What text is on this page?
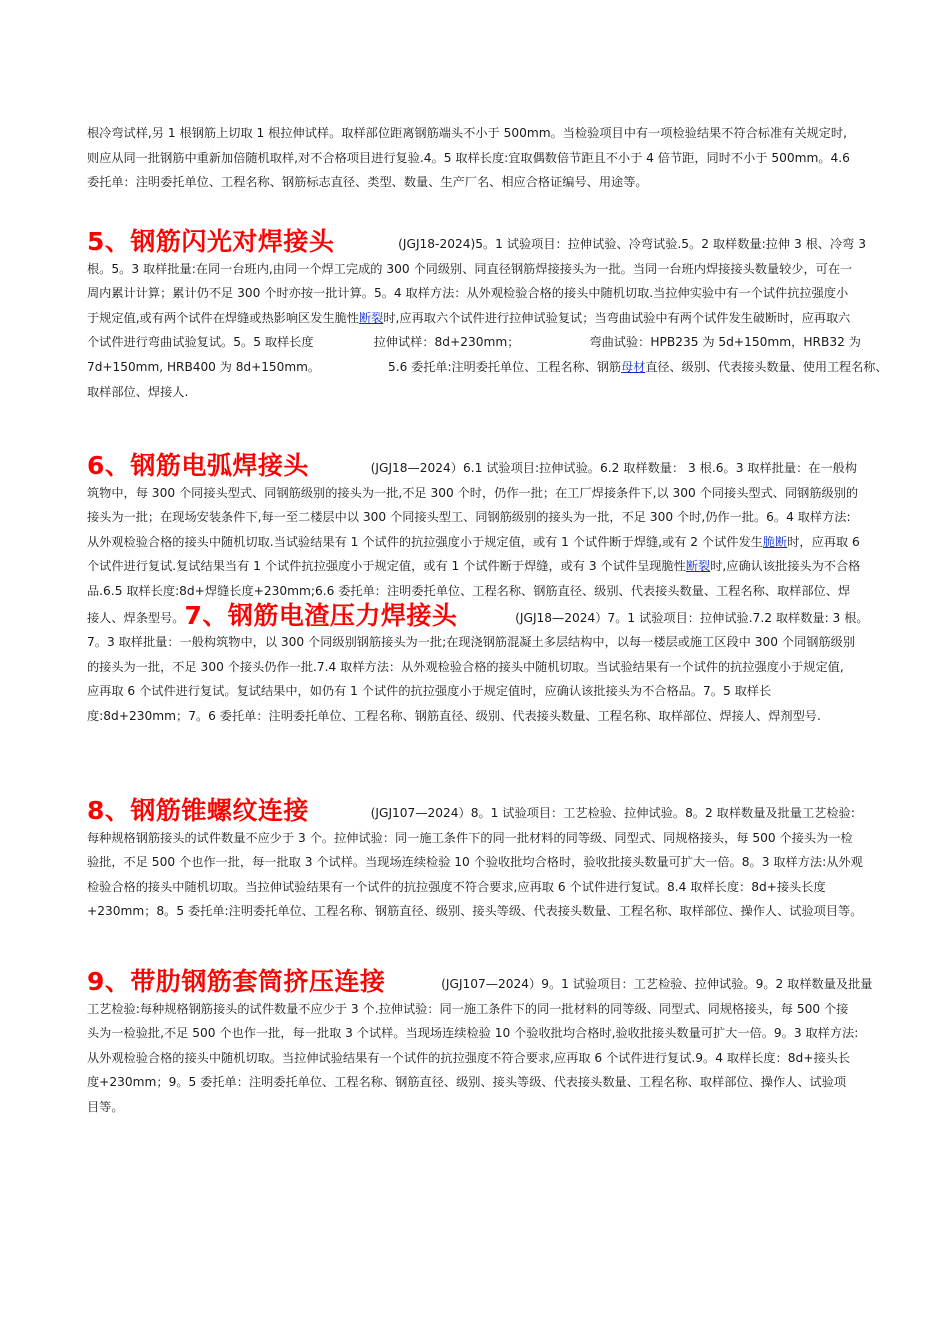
根冷弯试样,另 1 根钢筋上切取 1 根拉伸试样。取样部位距离钢筋端头不小于 500mm。当检验项目中有一项检验结果不符合标准有关规定时,
则应从同一批钢筋中重新加倍随机取样,对不合格项目进行复验.4。5 取样长度:宜取偶数倍节距且不小于 4 倍节距，同时不小于 500mm。4.6
委托单：注明委托单位、工程名称、钢筋标志直径、类型、数量、生产厂名、相应合格证编号、用途等。
5、钢筋闪光对焊接头	(JGJ18-2024)5。1 试验项目：拉伸试验、冷弯试验.5。2 取样数量:拉伸 3 根、冷弯 3
根。5。3 取样批量:在同一台班内,由同一个焊工完成的 300 个同级别、同直径钢筋焊接接头为一批。当同一台班内焊接接头数量较少，可在一
周内累计计算；累计仍不足 300 个时亦按一批计算。5。4 取样方法：从外观检验合格的接头中随机切取.当拉伸实验中有一个试件抗拉强度小
于规定值,或有两个试件在焊缝或热影响区发生脆性断裂时,应再取六个试件进行拉伸试验复试；当弯曲试验中有两个试件发生破断时，应再取六
个试件进行弯曲试验复试。5。5 取样长度	拉伸试样：8d+230mm；	弯曲试验：HPB235 为 5d+150mm，HRB32 为
7d+150mm, HRB400 为 8d+150mm。	5.6 委托单:注明委托单位、工程名称、钢筋母材直径、级别、代表接头数量、使用工程名称、
取样部位、焊接人.
6、钢筋电弧焊接头	(JGJ18—2024）6.1 试验项目:拉伸试验。6.2 取样数量： 3 根.6。3 取样批量：在一般构
筑物中，每 300 个同接头型式、同钢筋级别的接头为一批,不足 300 个时，仍作一批；在工厂焊接条件下,以 300 个同接头型式、同钢筋级别的
接头为一批；在现场安装条件下,每一至二楼层中以 300 个同接头型工、同钢筋级别的接头为一批，不足 300 个时,仍作一批。6。4 取样方法:
从外观检验合格的接头中随机切取.当试验结果有 1 个试件的抗拉强度小于规定值，或有 1 个试件断于焊缝,或有 2 个试件发生脆断时，应再取 6
个试件进行复试.复试结果当有 1 个试件抗拉强度小于规定值，或有 1 个试件断于焊缝，或有 3 个试件呈现脆性断裂时,应确认该批接头为不合格
品.6.5 取样长度:8d+焊缝长度+230mm;6.6 委托单：注明委托单位、工程名称、钢筋直径、级别、代表接头数量、工程名称、取样部位、焊
接人、焊条型号。7、钢筋电渣压力焊接头	(JGJ18—2024）7。1 试验项目：拉伸试验.7.2 取样数量: 3 根。
7。3 取样批量：一般构筑物中，以 300 个同级别钢筋接头为一批;在现浇钢筋混凝土多层结构中，以每一楼层或施工区段中 300 个同钢筋级别
的接头为一批，不足 300 个接头仍作一批.7.4 取样方法：从外观检验合格的接头中随机切取。当试验结果有一个试件的抗拉强度小于规定值,
应再取 6 个试件进行复试。复试结果中，如仍有 1 个试件的抗拉强度小于规定值时，应确认该批接头为不合格品。7。5 取样长
度:8d+230mm；7。6 委托单：注明委托单位、工程名称、钢筋直径、级别、代表接头数量、工程名称、取样部位、焊接人、焊剂型号.
8、钢筋锥螺纹连接	(JGJ107—2024）8。1 试验项目：工艺检验、拉伸试验。8。2 取样数量及批量工艺检验:
每种规格钢筋接头的试件数量不应少于 3 个。拉伸试验：同一施工条件下的同一批材料的同等级、同型式、同规格接头，每 500 个接头为一检
验批，不足 500 个也作一批，每一批取 3 个试样。当现场连续检验 10 个验收批均合格时，验收批接头数量可扩大一倍。8。3 取样方法:从外观
检验合格的接头中随机切取。当拉伸试验结果有一个试件的抗拉强度不符合要求,应再取 6 个试件进行复试。8.4 取样长度：8d+接头长度
+230mm；8。5 委托单:注明委托单位、工程名称、钢筋直径、级别、接头等级、代表接头数量、工程名称、取样部位、操作人、试验项目等。
9、带肋钢筋套筒挤压连接	(JGJ107—2024）9。1 试验项目：工艺检验、拉伸试验。9。2 取样数量及批量
工艺检验:每种规格钢筋接头的试件数量不应少于 3 个.拉伸试验：同一施工条件下的同一批材料的同等级、同型式、同规格接头，每 500 个接
头为一检验批,不足 500 个也作一批，每一批取 3 个试样。当现场连续检验 10 个验收批均合格时,验收批接头数量可扩大一倍。9。3 取样方法:
从外观检验合格的接头中随机切取。当拉伸试验结果有一个试件的抗拉强度不符合要求,应再取 6 个试件进行复试.9。4 取样长度：8d+接头长
度+230mm；9。5 委托单：注明委托单位、工程名称、钢筋直径、级别、接头等级、代表接头数量、工程名称、取样部位、操作人、试验项
目等。
